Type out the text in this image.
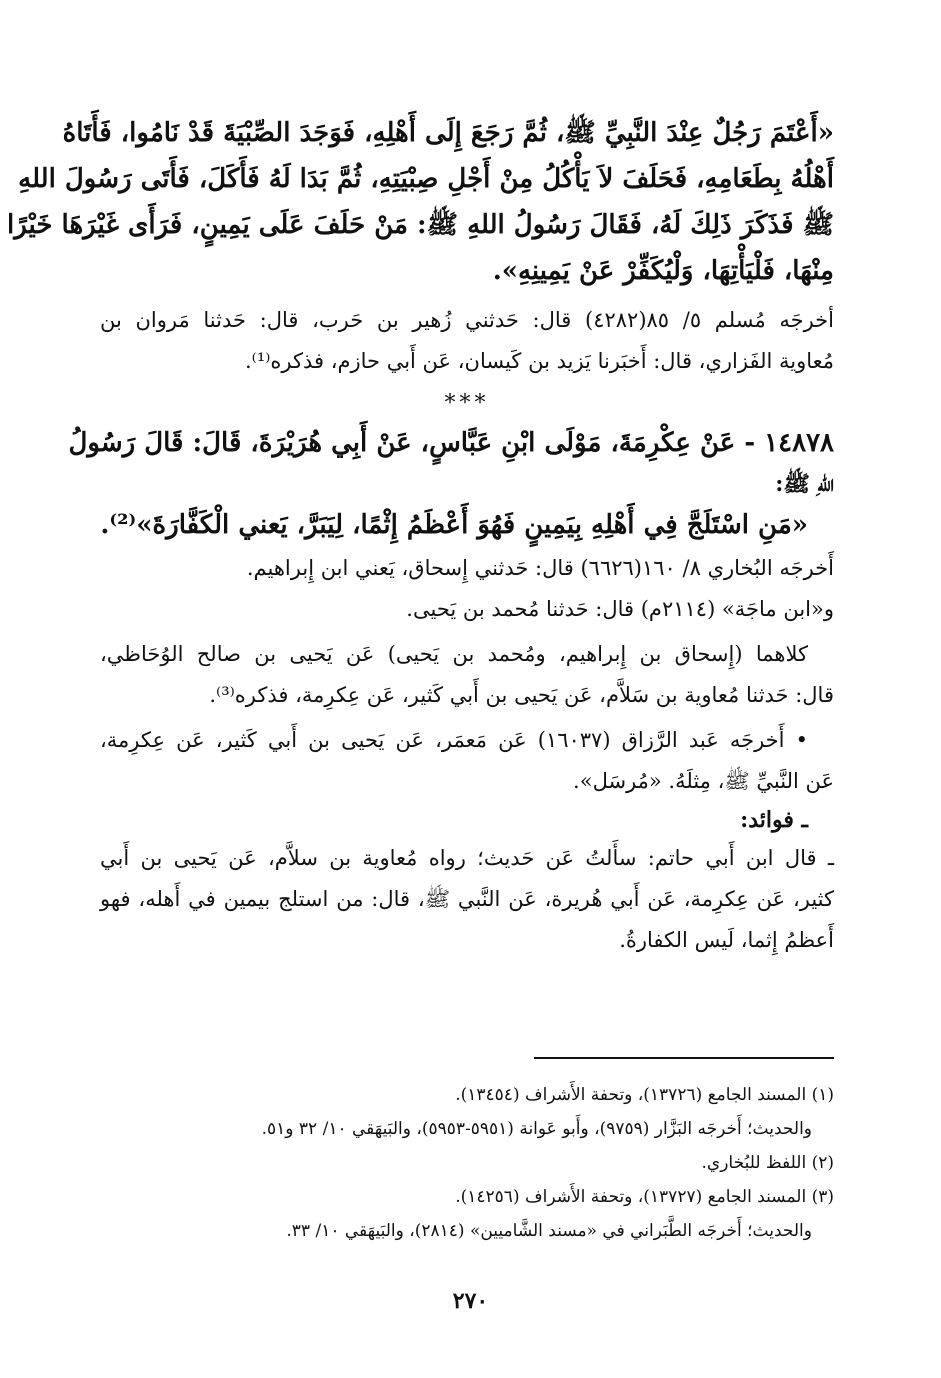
«أَعْتَمَ رَجُلٌ عِنْدَ النَّبِيِّ ﷺ، ثُمَّ رَجَعَ إِلَى أَهْلِهِ، فَوَجَدَ الصِّبْيَةَ قَدْ نَامُوا، فَأَتَاهُ
أَهْلُهُ بِطَعَامِهِ، فَحَلَفَ لاَ يَأْكُلُ مِنْ أَجْلِ صِبْيَتِهِ، ثُمَّ بَدَا لَهُ فَأَكَلَ، فَأَتَى رَسُولَ اللهِ
ﷺ فَذَكَرَ ذَلِكَ لَهُ، فَقَالَ رَسُولُ اللهِ ﷺ: مَنْ حَلَفَ عَلَى يَمِينٍ، فَرَأَى غَيْرَهَا خَيْرًا
مِنْهَا، فَلْيَأْتِهَا، وَلْيُكَفِّرْ عَنْ يَمِينِهِ».
أخرجَه مُسلم ٥/ ٨٥(٤٢٨٢) قال: حَدثني زُهير بن حَرب، قال: حَدثنا مَروان بن
مُعاوية الفَزاري، قال: أَخبَرنا يَزيد بن كَيسان، عَن أَبي حازم، فذكره⁽¹⁾.
***
١٤٨٧٨ - عَنْ عِكْرِمَةَ، مَوْلَى ابْنِ عَبَّاسٍ، عَنْ أَبِي هُرَيْرَةَ، قَالَ: قَالَ رَسُولُ
اللهِ ﷺ:
«مَنِ اسْتَلَجَّ فِي أَهْلِهِ بِيَمِينٍ فَهُوَ أَعْظَمُ إِثْمًا، لِيَبَرَّ، يَعني الْكَفَّارَةَ»⁽²⁾.
أَخرجَه البُخاري ٨/ ١٦٠(٦٦٢٦) قال: حَدثني إِسحاق، يَعني ابن إِبراهيم.
و«ابن ماجَة» (٢١١٤م) قال: حَدثنا مُحمد بن يَحيى.
كلاهما (إِسحاق بن إِبراهيم، ومُحمد بن يَحيى) عَن يَحيى بن صالح الوُحَاظي،
قال: حَدثنا مُعاوية بن سَلاَّم، عَن يَحيى بن أَبي كَثير، عَن عِكرِمة، فذكره⁽³⁾.
• أَخرجَه عَبد الرَّزاق (١٦٠٣٧) عَن مَعمَر، عَن يَحيى بن أَبي كَثير، عَن عِكرِمة،
عَن النَّبيِّ ﷺ، مِثلَهُ. «مُرسَل».
ـ فوائد:
ـ قال ابن أَبي حاتم: سأَلتُ عَن حَديث؛ رواه مُعاوية بن سلاَّم، عَن يَحيى بن أَبي
كثير، عَن عِكرِمة، عَن أَبي هُريرة، عَن النَّبي ﷺ، قال: من استلج بيمين في أَهله، فهو
أَعظمُ إِثما، لَيس الكفارةُ.
(١) المسند الجامع (١٣٧٢٦)، وتحفة الأَشراف (١٣٤٥٤).
والحديث؛ أَخرجَه البَزَّار (٩٧٥٩)، وأَبو عَوانة (٥٩٥١-٥٩٥٣)، والبَيهَقي ١٠/ ٣٢ و٥١.
(٢) اللفظ للبُخاري.
(٣) المسند الجامع (١٣٧٢٧)، وتحفة الأَشراف (١٤٢٥٦).
والحديث؛ أَخرجَه الطَّبَراني في «مسند الشَّاميين» (٢٨١٤)، والبَيهَقي ١٠/ ٣٣.
٢٧٠
